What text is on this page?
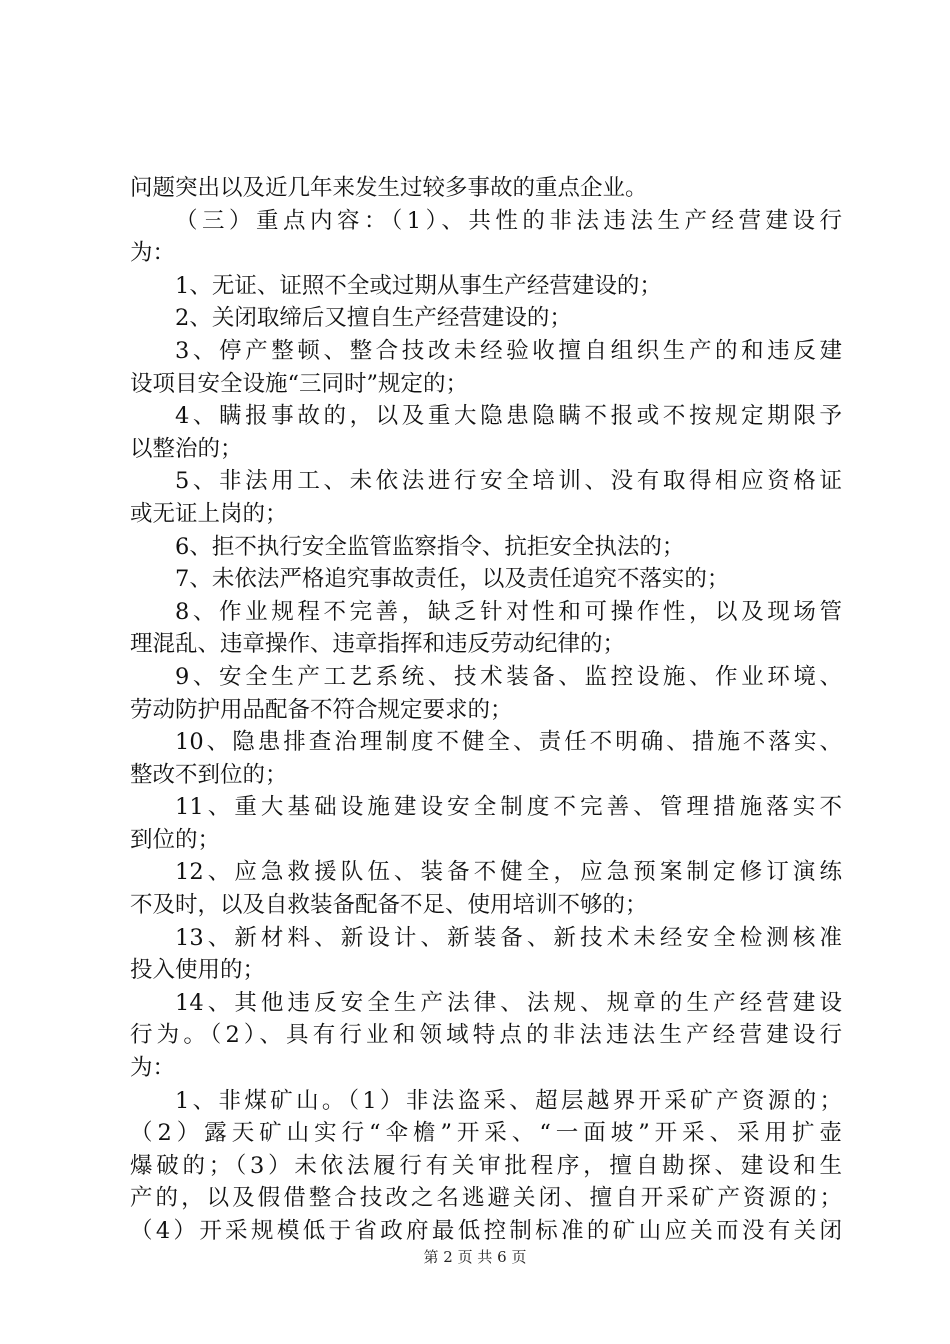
问题突出以及近几年来发生过较多事故的重点企业。
（三）重点内容：（1）、共性的非法违法生产经营建设行
为：
1、无证、证照不全或过期从事生产经营建设的；
2、关闭取缔后又擅自生产经营建设的；
3、停产整顿、整合技改未经验收擅自组织生产的和违反建
设项目安全设施“三同时”规定的；
4、瞒报事故的，以及重大隐患隐瞒不报或不按规定期限予
以整治的；
5、非法用工、未依法进行安全培训、没有取得相应资格证
或无证上岗的；
6、拒不执行安全监管监察指令、抗拒安全执法的；
7、未依法严格追究事故责任，以及责任追究不落实的；
8、作业规程不完善，缺乏针对性和可操作性，以及现场管
理混乱、违章操作、违章指挥和违反劳动纪律的；
9、安全生产工艺系统、技术装备、监控设施、作业环境、
劳动防护用品配备不符合规定要求的；
10、隐患排查治理制度不健全、责任不明确、措施不落实、
整改不到位的；
11、重大基础设施建设安全制度不完善、管理措施落实不
到位的；
12、应急救援队伍、装备不健全，应急预案制定修订演练
不及时，以及自救装备配备不足、使用培训不够的；
13、新材料、新设计、新装备、新技术未经安全检测核准
投入使用的；
14、其他违反安全生产法律、法规、规章的生产经营建设
行为。（2）、具有行业和领域特点的非法违法生产经营建设行
为：
1、非煤矿山。（1）非法盗采、超层越界开采矿产资源的；
（2）露天矿山实行“伞檐”开采、“一面坡”开采、采用扩壶
爆破的；（3）未依法履行有关审批程序，擅自勘探、建设和生
产的，以及假借整合技改之名逃避关闭、擅自开采矿产资源的；
（4）开采规模低于省政府最低控制标准的矿山应关而没有关闭
第 2 页 共 6 页
